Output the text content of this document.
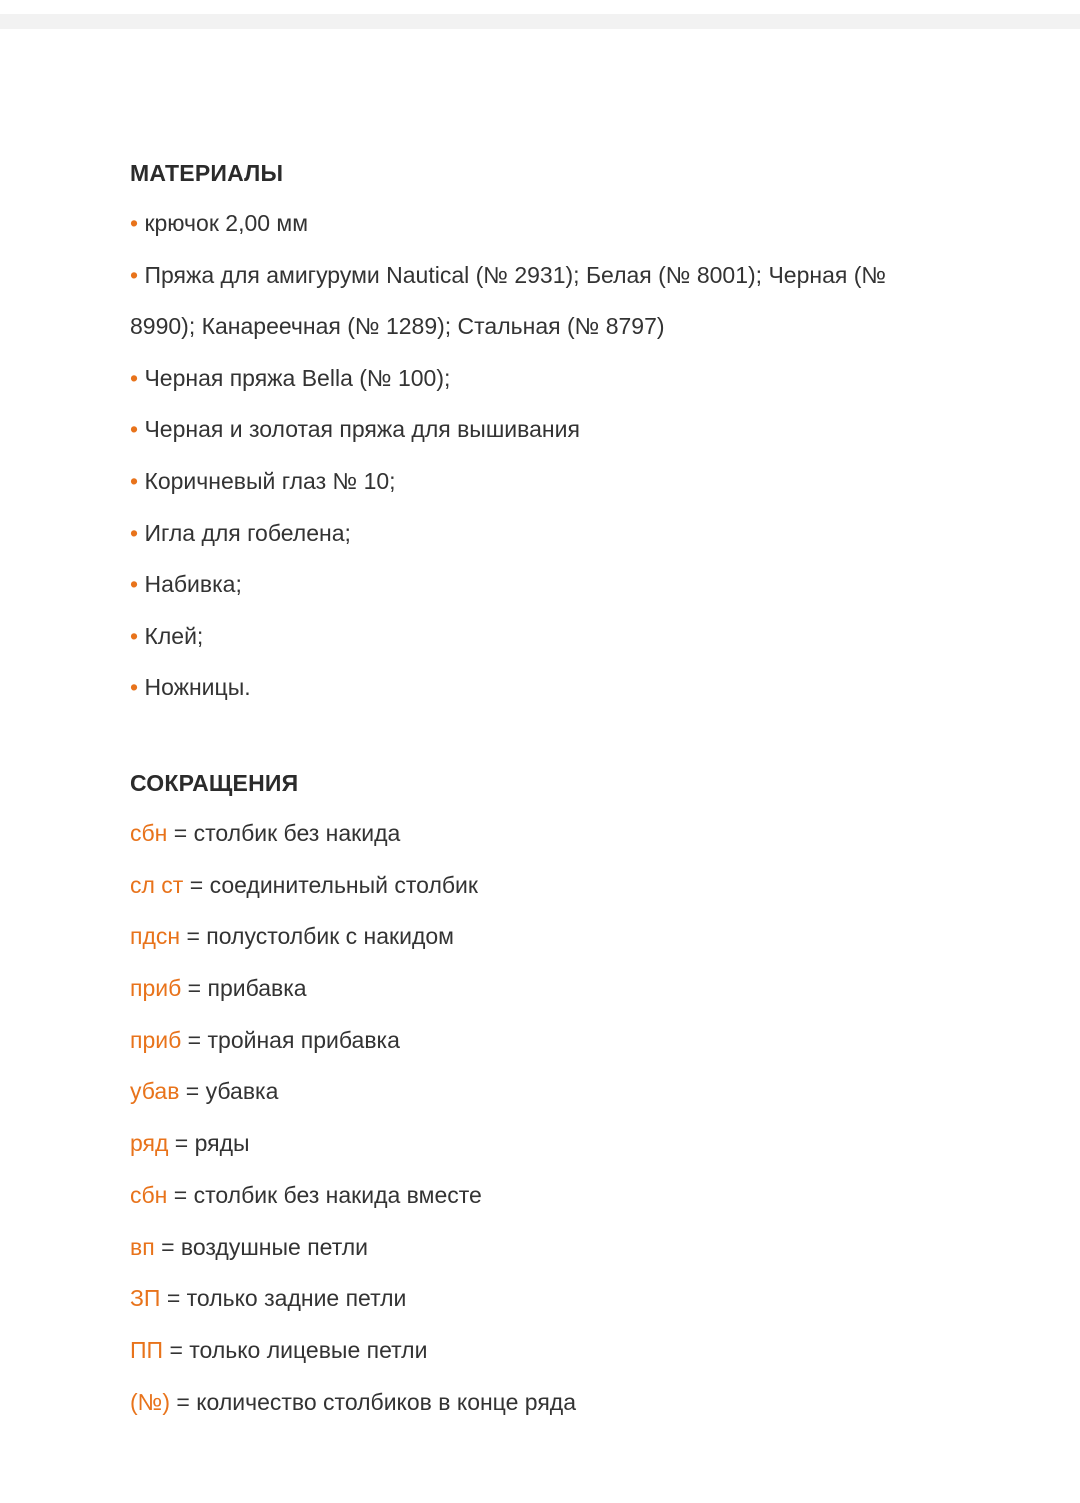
МАТЕРИАЛЫ
• крючок 2,00 мм
• Пряжа для амигуруми Nautical (№ 2931); Белая (№ 8001); Черная (№
8990); Канареечная (№ 1289); Стальная (№ 8797)
• Черная пряжа Bella (№ 100);
• Черная и золотая пряжа для вышивания
• Коричневый глаз № 10;
• Игла для гобелена;
• Набивка;
• Клей;
• Ножницы.
СОКРАЩЕНИЯ
сбн = столбик без накида
сл ст = соединительный столбик
пдсн = полустолбик с накидом
приб = прибавка
приб = тройная прибавка
убав = убавка
ряд = ряды
сбн = столбик без накида вместе
вп = воздушные петли
ЗП = только задние петли
ПП = только лицевые петли
(№) = количество столбиков в конце ряда
